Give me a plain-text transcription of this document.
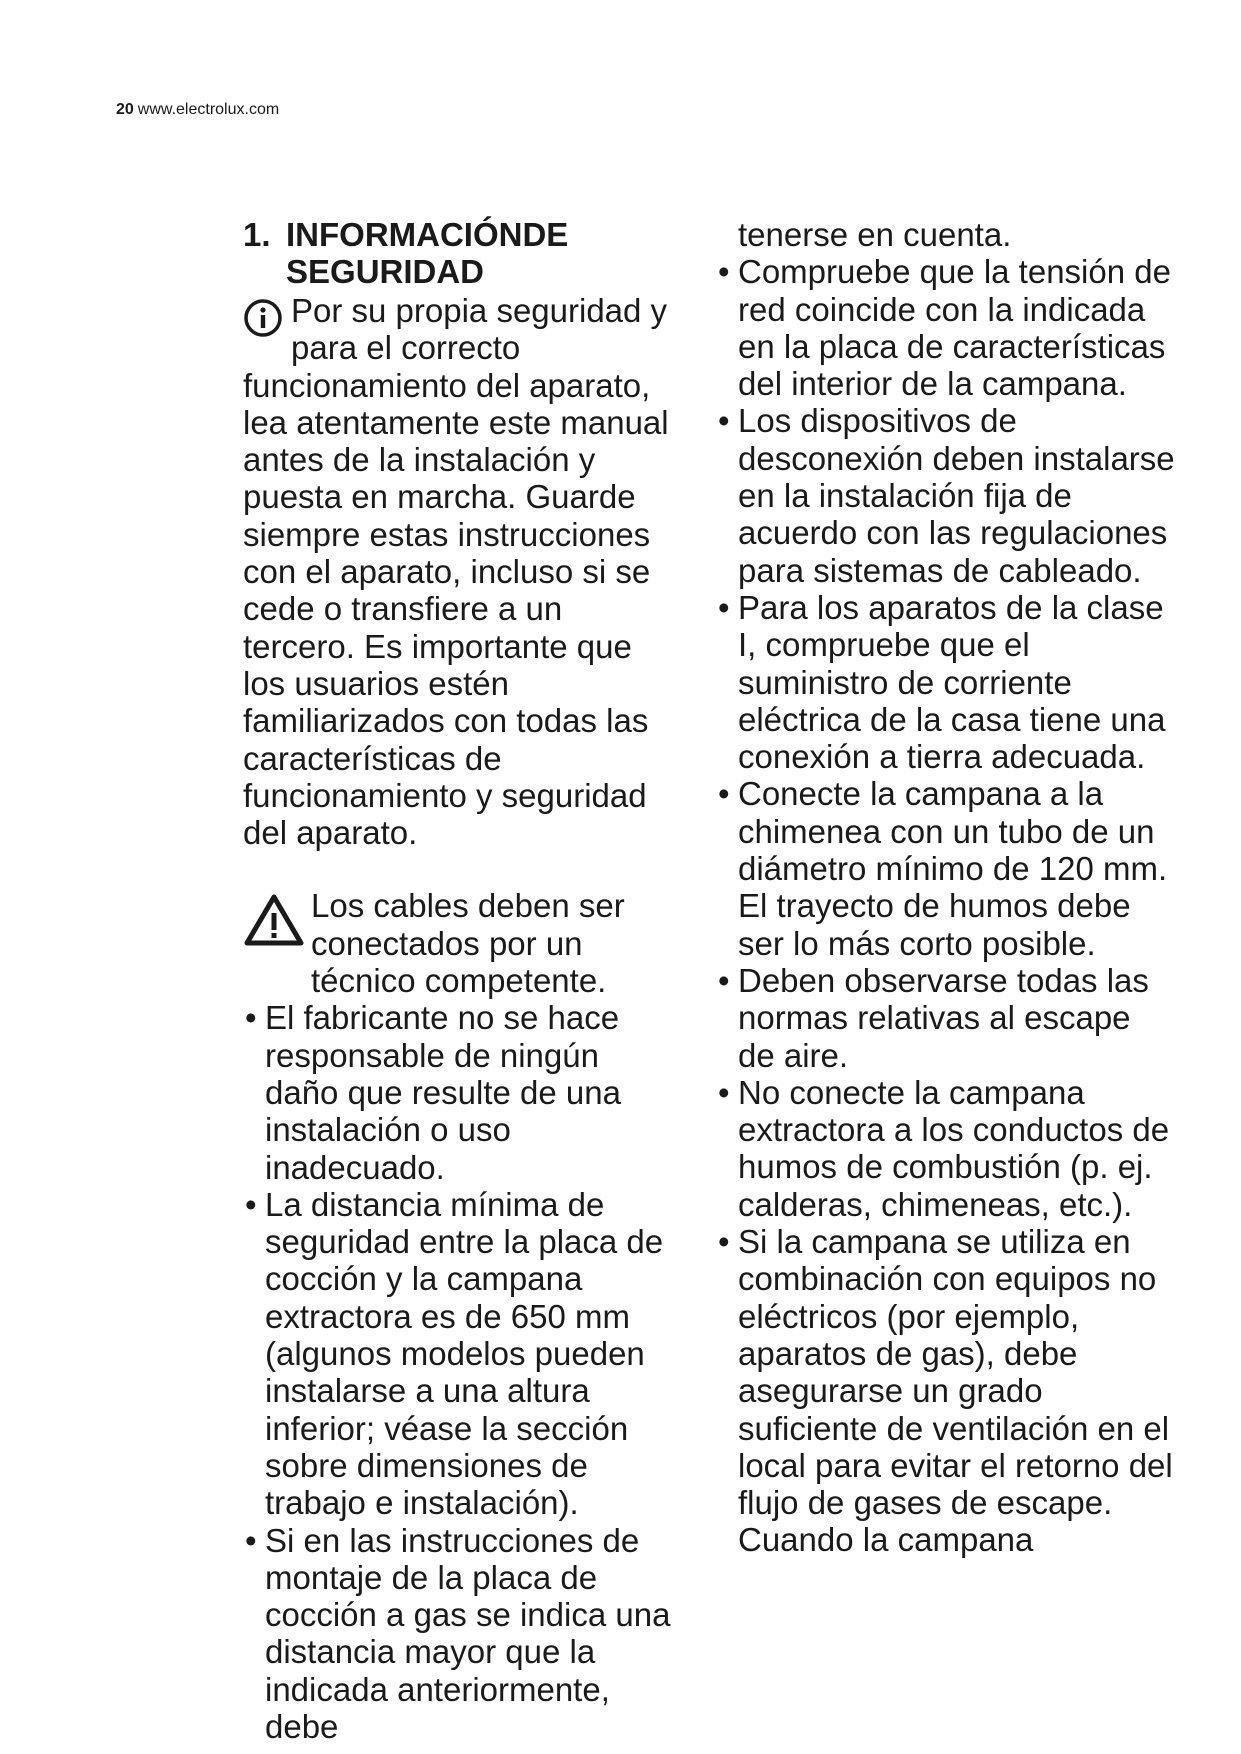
20 www.electrolux.com
1. INFORMACIÓNDE
SEGURIDAD

Por su propia seguridad y para el correcto funcionamiento del aparato, lea atentamente este manual antes de la instalación y puesta en marcha. Guarde siempre estas instrucciones con el aparato, incluso si se cede o transfiere a un tercero. Es importante que los usuarios estén familiarizados con todas las características de funcionamiento y seguridad del aparato.

Los cables deben ser conectados por un técnico competente.

• El fabricante no se hace responsable de ningún daño que resulte de una instalación o uso inadecuado.

• La distancia mínima de seguridad entre la placa de cocción y la campana extractora es de 650 mm (algunos modelos pueden instalarse a una altura inferior; véase la sección sobre dimensiones de trabajo e instalación).

• Si en las instrucciones de montaje de la placa de cocción a gas se indica una distancia mayor que la indicada anteriormente, debe

tenerse en cuenta.

• Compruebe que la tensión de red coincide con la indicada en la placa de características del interior de la campana.

• Los dispositivos de desconexión deben instalarse en la instalación fija de acuerdo con las regulaciones para sistemas de cableado.

• Para los aparatos de la clase I, compruebe que el suministro de corriente eléctrica de la casa tiene una conexión a tierra adecuada.

• Conecte la campana a la chimenea con un tubo de un diámetro mínimo de 120 mm. El trayecto de humos debe ser lo más corto posible.

• Deben observarse todas las normas relativas al escape de aire.

• No conecte la campana extractora a los conductos de humos de combustión (p. ej. calderas, chimeneas, etc.).

• Si la campana se utiliza en combinación con equipos no eléctricos (por ejemplo, aparatos de gas), debe asegurarse un grado suficiente de ventilación en el local para evitar el retorno del flujo de gases de escape. Cuando la campana
